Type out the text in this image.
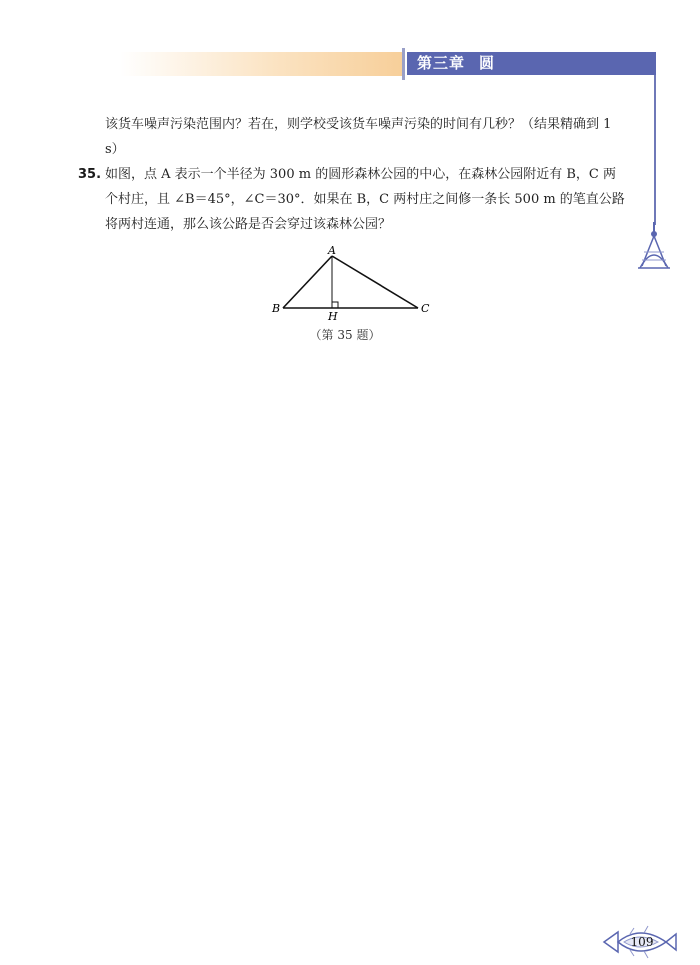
第三章 圆
该货车噪声污染范围内？若在，则学校受该货车噪声污染的时间有几秒？（结果精确到 1 s）
35. 如图，点 A 表示一个半径为 300 m 的圆形森林公园的中心，在森林公园附近有 B，C 两个村庄，且 ∠B＝45°，∠C＝30°．如果在 B，C 两村庄之间修一条长 500 m 的笔直公路将两村连通，那么该公路是否会穿过该森林公园？
A
B	C
H
（第 35 题）
109
